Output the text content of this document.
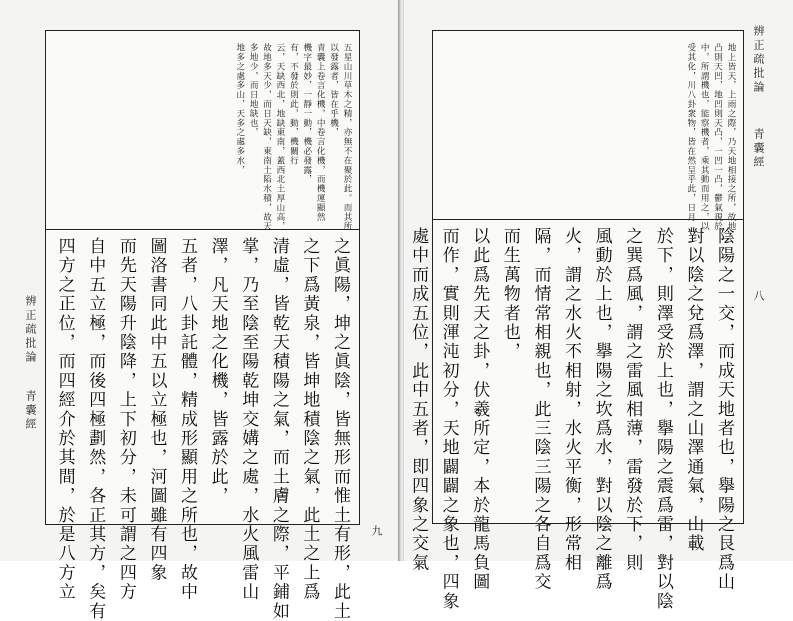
五星山川草木之精，亦無不在聚於此。而其所
以發露者，皆在乎機，
青囊上卷言化機，中卷言化機，而機運顯然
機字最妙，一靜一動，機必發露，
有，不發於則此，動，機關行
云，天缺西北，地缺東南，蓋西北土厚山高，
故地多天少，而日天缺，東南土陷水積，故天
多地少，而日地缺也，
地多之處多山，天多之處多水，
之眞陽，坤之眞陰，皆無形而惟土有形，此土
之下爲黃泉，皆坤地積陰之氣，此土之上爲
清虛，皆乾天積陽之氣，而土膚之際，平鋪如
掌，乃至陰至陽乾坤交媾之處，水火風雷山
澤，凡天地之化機，皆露於此，
五者，八卦託體，精成形顯用之所也，故中
圖洛書同此中五以立極也，河圖雖有四象
而先天陽升陰降，上下初分，未可謂之四方
自中五立極，而後四極劃然，各正其方，矣有
四方之正位，而四經介於其間，於是八方立
辨正疏批論
青囊經
九
地上皆天，上雨之際，乃天地相接之所，故地
凸則天凹，地凹則天凸，一凹一凸，鬱氣現於
中，所謂機也，能察機者，乘其動而用之，以
受其化，川八卦衆物，皆在然呈乎此，日月
陰陽之一交，而成天地者也，擧陽之艮爲山
對以陰之兌爲澤，謂之山澤通氣，山載
於下，則澤受於上也，擧陽之震爲雷，對以陰
之巽爲風，謂之雷風相薄，雷發於下，則
風動於上也，擧陽之坎爲水，對以陰之離爲
火，謂之水火不相射，水火平衡，形常相
隔，而情常相親也，此三陰三陽之各自爲交
而生萬物者也，
以此爲先天之卦，伏羲所定，本於龍馬負圖
而作，實則渾沌初分，天地闢闢之象也，四象
處中而成五位，此中五者，即四象之交氣
辨正疏批論
青囊經
八
